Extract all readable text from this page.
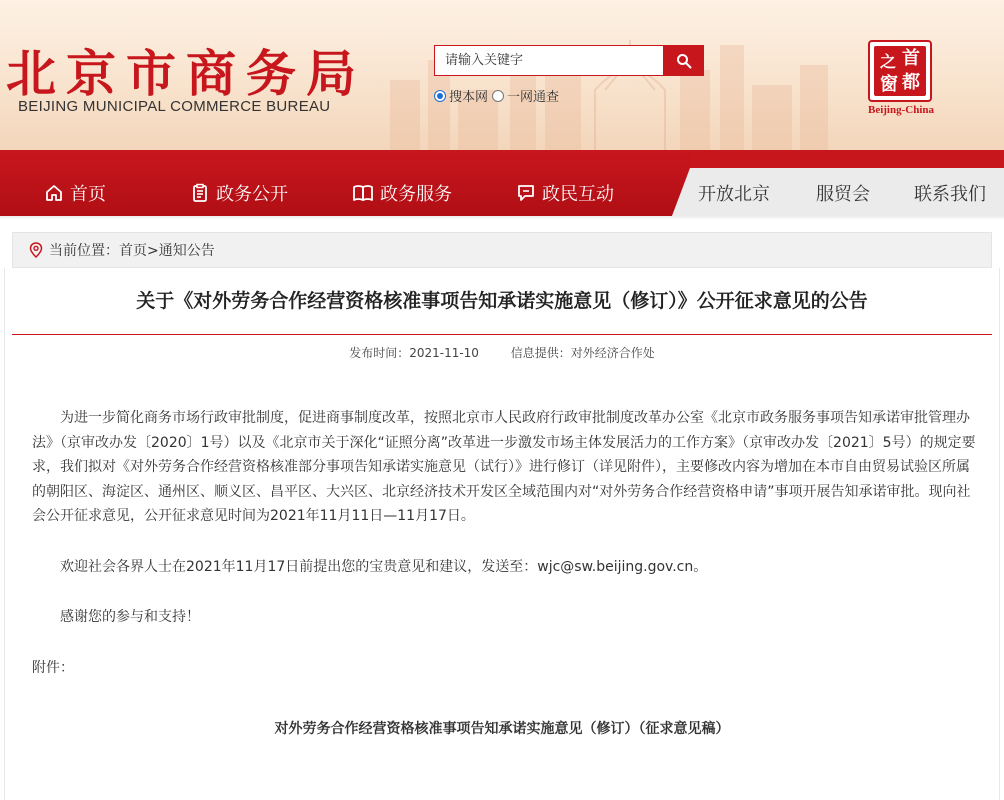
北京市商务局
BEIJING MUNICIPAL COMMERCE BUREAU
请输入关键字
搜本网 一网通查
首
都
之
窗
Beijing-China
首页	政务公开	政务服务	政民互动	开放北京	服贸会 联系我们
当前位置： 首页>通知公告
关于《对外劳务合作经营资格核准事项告知承诺实施意见（修订）》公开征求意见的公告
发布时间：2021-11-10	信息提供：对外经济合作处

为进一步简化商务市场行政审批制度，促进商事制度改革，按照北京市人民政府行政审批制度改革办公室《北京市政务服务事项告知承诺审批管理办法》（京审改办发〔2020〕1号）以及《北京市关于深化“证照分离”改革进一步激发市场主体发展活力的工作方案》（京审改办发〔2021〕5号）的规定要求，我们拟对《对外劳务合作经营资格核准部分事项告知承诺实施意见（试行）》进行修订（详见附件），主要修改内容为增加在本市自由贸易试验区所属的朝阳区、海淀区、通州区、顺义区、昌平区、大兴区、北京经济技术开发区全域范围内对“对外劳务合作经营资格申请”事项开展告知承诺审批。现向社会公开征求意见，公开征求意见时间为2021年11月11日—11月17日。

欢迎社会各界人士在2021年11月17日前提出您的宝贵意见和建议，发送至：wjc@sw.beijing.gov.cn。

感谢您的参与和支持！

附件：

对外劳务合作经营资格核准事项告知承诺实施意见（修订）（征求意见稿）
